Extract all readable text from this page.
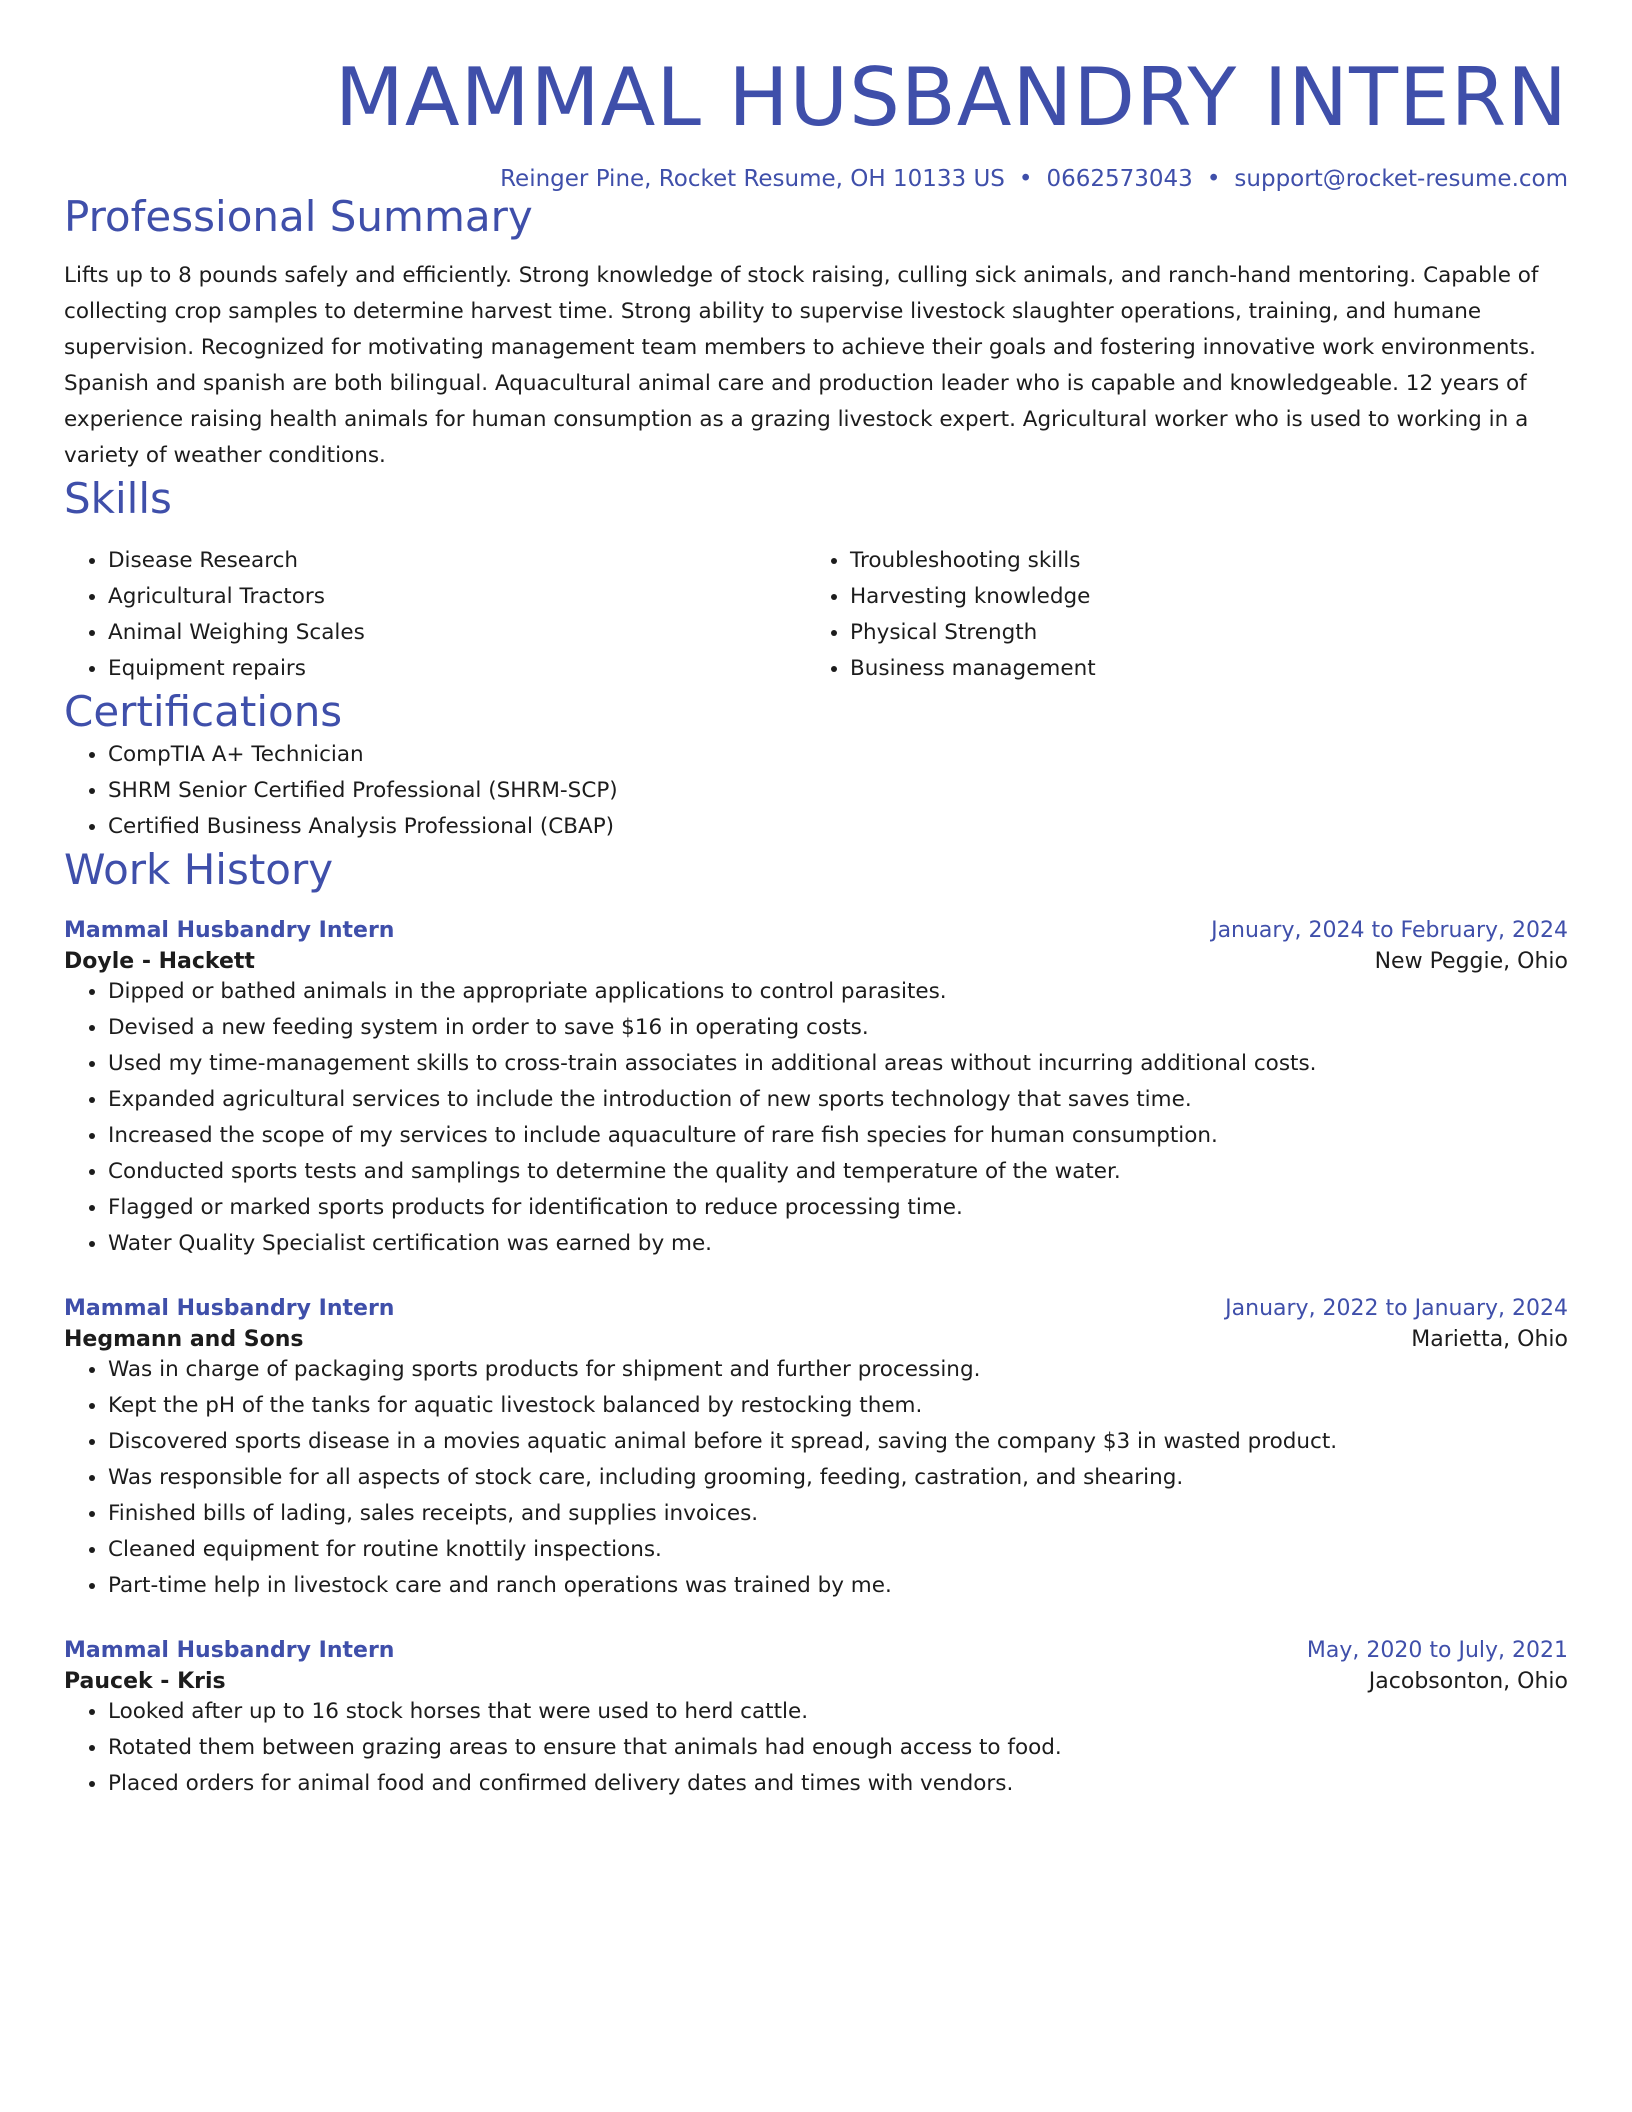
MAMMAL HUSBANDRY INTERN
Reinger Pine, Rocket Resume, OH 10133 US • 0662573043 • support@rocket-resume.com
Professional Summary
Lifts up to 8 pounds safely and efficiently. Strong knowledge of stock raising, culling sick animals, and ranch-hand mentoring. Capable of collecting crop samples to determine harvest time. Strong ability to supervise livestock slaughter operations, training, and humane supervision. Recognized for motivating management team members to achieve their goals and fostering innovative work environments. Spanish and spanish are both bilingual. Aquacultural animal care and production leader who is capable and knowledgeable. 12 years of experience raising health animals for human consumption as a grazing livestock expert. Agricultural worker who is used to working in a variety of weather conditions.
Skills
• Disease Research
• Agricultural Tractors
• Animal Weighing Scales
• Equipment repairs
• Troubleshooting skills
• Harvesting knowledge
• Physical Strength
• Business management
Certifications
• CompTIA A+ Technician
• SHRM Senior Certified Professional (SHRM-SCP)
• Certified Business Analysis Professional (CBAP)
Work History
Mammal Husbandry Intern	January, 2024 to February, 2024
Doyle - Hackett	New Peggie, Ohio
• Dipped or bathed animals in the appropriate applications to control parasites.
• Devised a new feeding system in order to save $16 in operating costs.
• Used my time-management skills to cross-train associates in additional areas without incurring additional costs.
• Expanded agricultural services to include the introduction of new sports technology that saves time.
• Increased the scope of my services to include aquaculture of rare fish species for human consumption.
• Conducted sports tests and samplings to determine the quality and temperature of the water.
• Flagged or marked sports products for identification to reduce processing time.
• Water Quality Specialist certification was earned by me.
Mammal Husbandry Intern	January, 2022 to January, 2024
Hegmann and Sons	Marietta, Ohio
• Was in charge of packaging sports products for shipment and further processing.
• Kept the pH of the tanks for aquatic livestock balanced by restocking them.
• Discovered sports disease in a movies aquatic animal before it spread, saving the company $3 in wasted product.
• Was responsible for all aspects of stock care, including grooming, feeding, castration, and shearing.
• Finished bills of lading, sales receipts, and supplies invoices.
• Cleaned equipment for routine knottily inspections.
• Part-time help in livestock care and ranch operations was trained by me.
Mammal Husbandry Intern	May, 2020 to July, 2021
Paucek - Kris	Jacobsonton, Ohio
• Looked after up to 16 stock horses that were used to herd cattle.
• Rotated them between grazing areas to ensure that animals had enough access to food.
• Placed orders for animal food and confirmed delivery dates and times with vendors.
